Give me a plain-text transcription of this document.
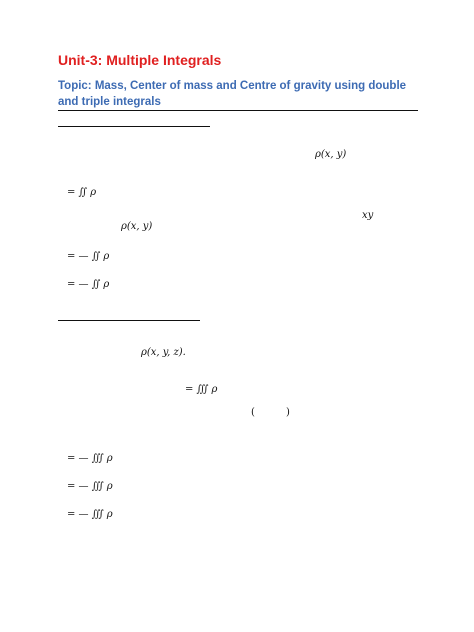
Unit-3: Multiple Integrals
Topic: Mass, Center of mass and Centre of gravity using double and triple integrals
ρ(x, y)
= ∬ ρ
xy
ρ(x, y)
= — ∬ ρ
= — ∬ ρ
ρ(x, y, z).
= ∭ ρ
(	)
= — ∭ ρ
= — ∭ ρ
= — ∭ ρ
